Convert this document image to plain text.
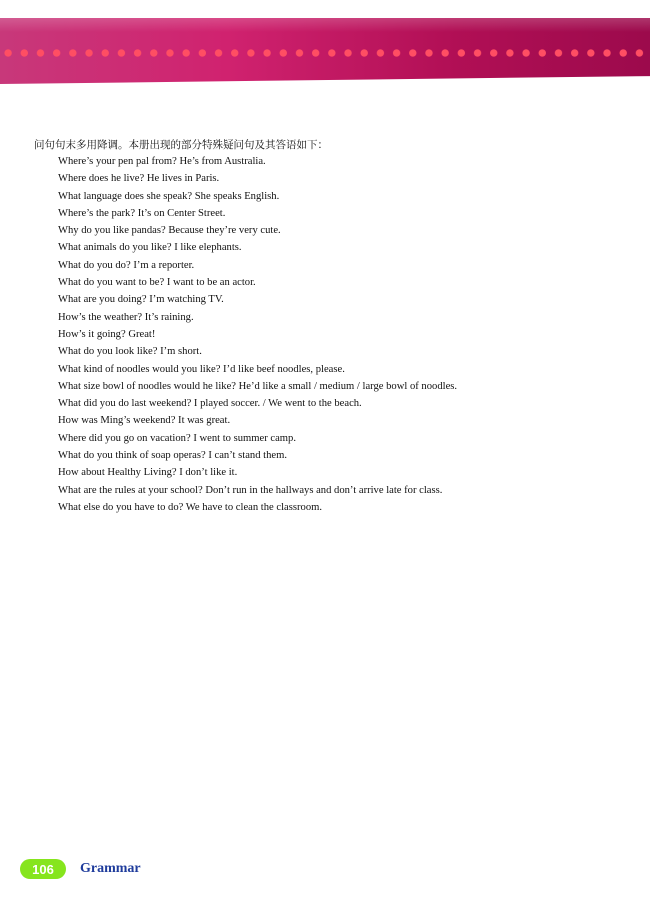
问句句末多用降调。本册出现的部分特殊疑问句及其答语如下：
Where’s your pen pal from? He’s from Australia.
Where does he live? He lives in Paris.
What language does she speak? She speaks English.
Where’s the park? It’s on Center Street.
Why do you like pandas? Because they’re very cute.
What animals do you like? I like elephants.
What do you do? I’m a reporter.
What do you want to be? I want to be an actor.
What are you doing? I’m watching TV.
How’s the weather? It’s raining.
How’s it going? Great!
What do you look like? I’m short.
What kind of noodles would you like? I’d like beef noodles, please.
What size bowl of noodles would he like? He’d like a small / medium / large bowl of noodles.
What did you do last weekend? I played soccer. / We went to the beach.
How was Ming’s weekend? It was great.
Where did you go on vacation? I went to summer camp.
What do you think of soap operas? I can’t stand them.
How about Healthy Living? I don’t like it.
What are the rules at your school? Don’t run in the hallways and don’t arrive late for class.
What else do you have to do? We have to clean the classroom.
106	Grammar
